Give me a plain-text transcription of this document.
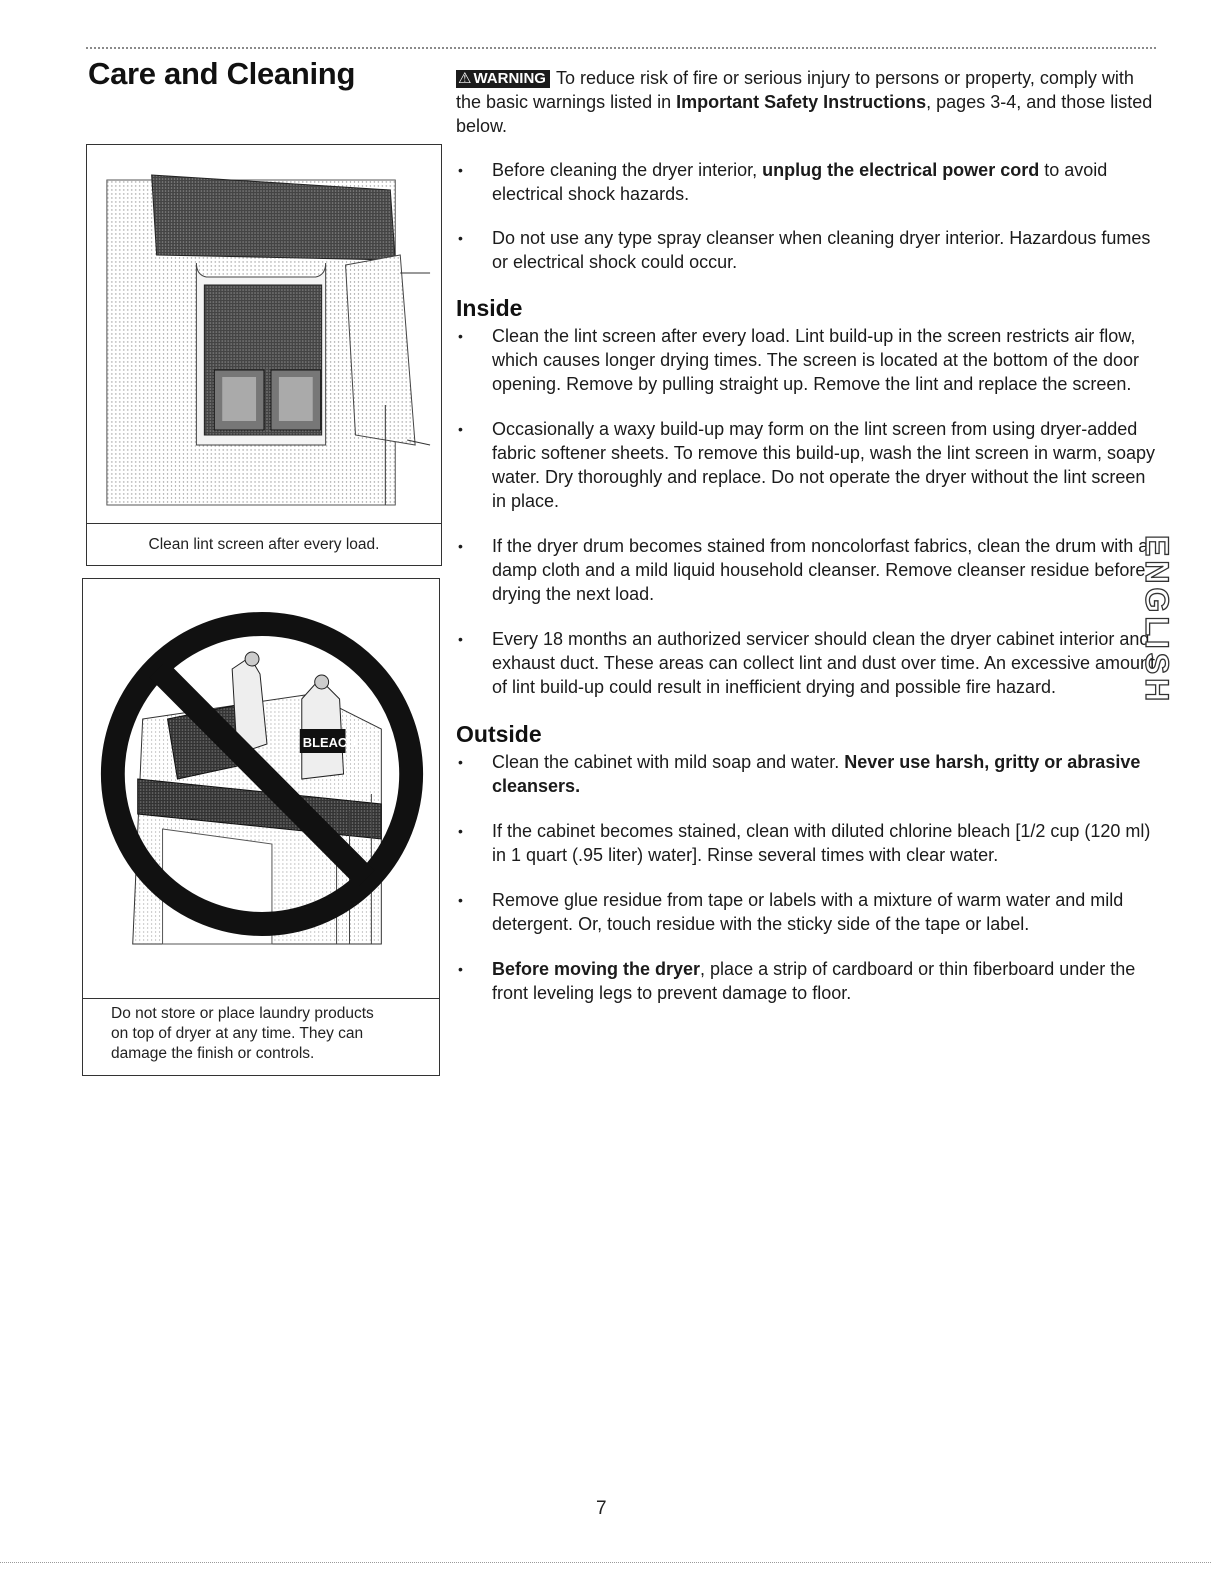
Care and Cleaning
Clean lint screen after every load.
BLEACH
Do not store or place laundry products
on top of dryer at any time. They can
damage the finish or controls.

⚠ WARNING To reduce risk of fire or serious injury to persons or property, comply with the basic warnings listed in Important Safety Instructions, pages 3-4, and those listed below.

• Before cleaning the dryer interior, unplug the electrical power cord to avoid electrical shock hazards.
• Do not use any type spray cleanser when cleaning dryer interior. Hazardous fumes or electrical shock could occur.
Inside
• Clean the lint screen after every load. Lint build-up in the screen restricts air flow, which causes longer drying times. The screen is located at the bottom of the door opening. Remove by pulling straight up. Remove the lint and replace the screen.
• Occasionally a waxy build-up may form on the lint screen from using dryer-added fabric softener sheets. To remove this build-up, wash the lint screen in warm, soapy water. Dry thoroughly and replace. Do not operate the dryer without the lint screen in place.
• If the dryer drum becomes stained from noncolorfast fabrics, clean the drum with a damp cloth and a mild liquid household cleanser. Remove cleanser residue before drying the next load.
• Every 18 months an authorized servicer should clean the dryer cabinet interior and exhaust duct. These areas can collect lint and dust over time. An excessive amount of lint build-up could result in inefficient drying and possible fire hazard.
Outside
• Clean the cabinet with mild soap and water. Never use harsh, gritty or abrasive cleansers.
• If the cabinet becomes stained, clean with diluted chlorine bleach [1/2 cup (120 ml) in 1 quart (.95 liter) water]. Rinse several times with clear water.
• Remove glue residue from tape or labels with a mixture of warm water and mild detergent. Or, touch residue with the sticky side of the tape or label.
• Before moving the dryer, place a strip of cardboard or thin fiberboard under the front leveling legs to prevent damage to floor.
ENGLISH
7
